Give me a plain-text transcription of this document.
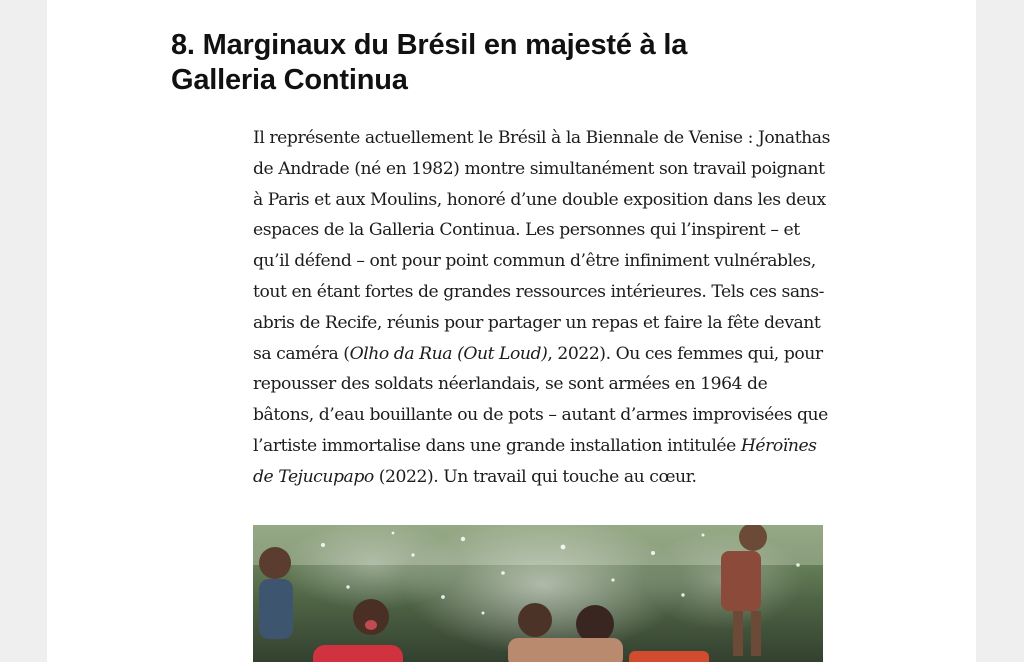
8. Marginaux du Brésil en majesté à la Galleria Continua

Il représente actuellement le Brésil à la Biennale de Venise : Jonathas de Andrade (né en 1982) montre simultanément son travail poignant à Paris et aux Moulins, honoré d’une double exposition dans les deux espaces de la Galleria Continua. Les personnes qui l’inspirent – et qu’il défend – ont pour point commun d’être infiniment vulnérables, tout en étant fortes de grandes ressources intérieures. Tels ces sans-abris de Recife, réunis pour partager un repas et faire la fête devant sa caméra (Olho da Rua (Out Loud), 2022). Ou ces femmes qui, pour repousser des soldats néerlandais, se sont armées en 1964 de bâtons, d’eau bouillante ou de pots – autant d’armes improvisées que l’artiste immortalise dans une grande installation intitulée Héroïnes de Tejucupapo (2022). Un travail qui touche au cœur.
